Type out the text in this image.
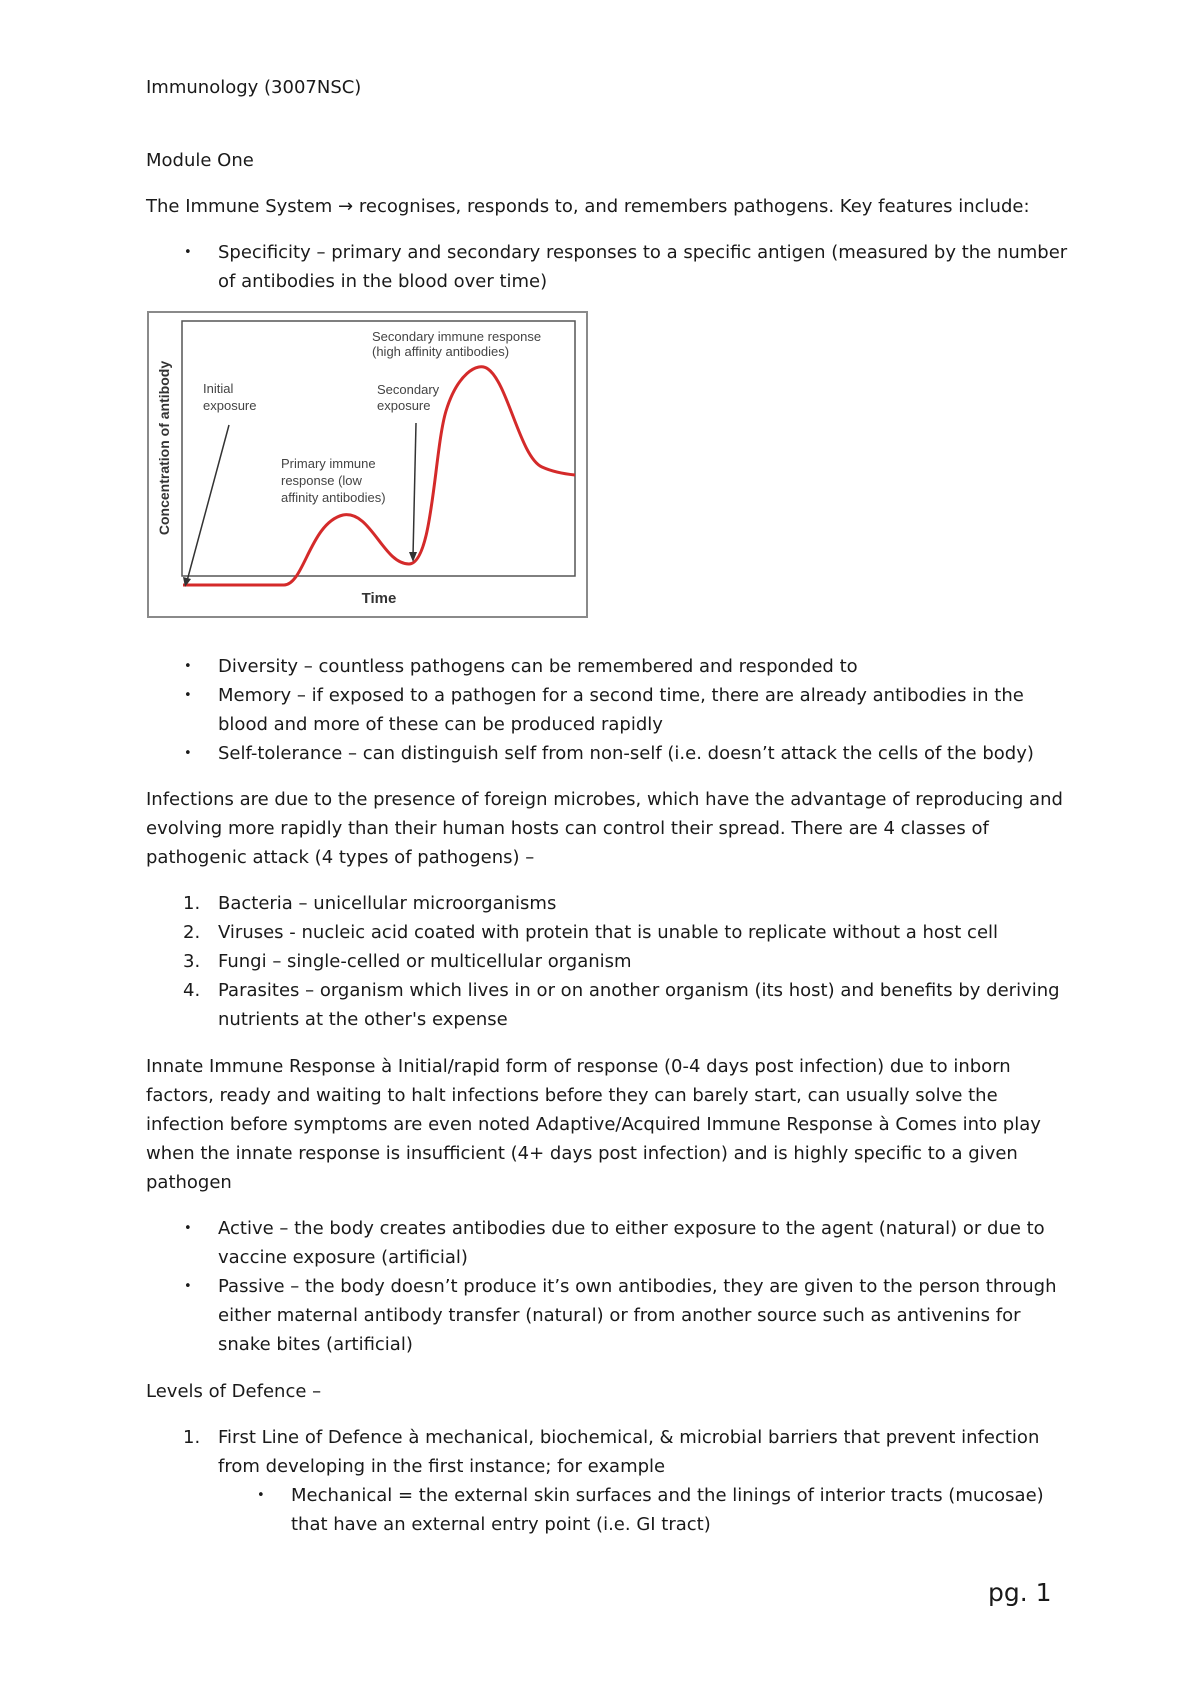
Immunology (3007NSC)

Module One

The Immune System → recognises, responds to, and remembers pathogens. Key features include:

• Specificity – primary and secondary responses to a specific antigen (measured by the number of antibodies in the blood over time)
• Diversity – countless pathogens can be remembered and responded to
• Memory – if exposed to a pathogen for a second time, there are already antibodies in the blood and more of these can be produced rapidly
• Self-tolerance – can distinguish self from non-self (i.e. doesn’t attack the cells of the body)

Infections are due to the presence of foreign microbes, which have the advantage of reproducing and evolving more rapidly than their human hosts can control their spread. There are 4 classes of pathogenic attack (4 types of pathogens) –

1. Bacteria – unicellular microorganisms
2. Viruses - nucleic acid coated with protein that is unable to replicate without a host cell
3. Fungi – single-celled or multicellular organism
4. Parasites – organism which lives in or on another organism (its host) and benefits by deriving nutrients at the other's expense

Innate Immune Response à Initial/rapid form of response (0-4 days post infection) due to inborn factors, ready and waiting to halt infections before they can barely start, can usually solve the infection before symptoms are even noted Adaptive/Acquired Immune Response à Comes into play when the innate response is insufficient (4+ days post infection) and is highly specific to a given pathogen

• Active – the body creates antibodies due to either exposure to the agent (natural) or due to vaccine exposure (artificial)
• Passive – the body doesn’t produce it’s own antibodies, they are given to the person through either maternal antibody transfer (natural) or from another source such as antivenins for snake bites (artificial)

Levels of Defence –

1. First Line of Defence à mechanical, biochemical, & microbial barriers that prevent infection from developing in the first instance; for example
• Mechanical = the external skin surfaces and the linings of interior tracts (mucosae) that have an external entry point (i.e. GI tract)
Concentration of antibody
Time
Initial
exposure
Primary immune
response (low
affinity antibodies)
Secondary
exposure
Secondary immune response
(high affinity antibodies)
pg. 1
